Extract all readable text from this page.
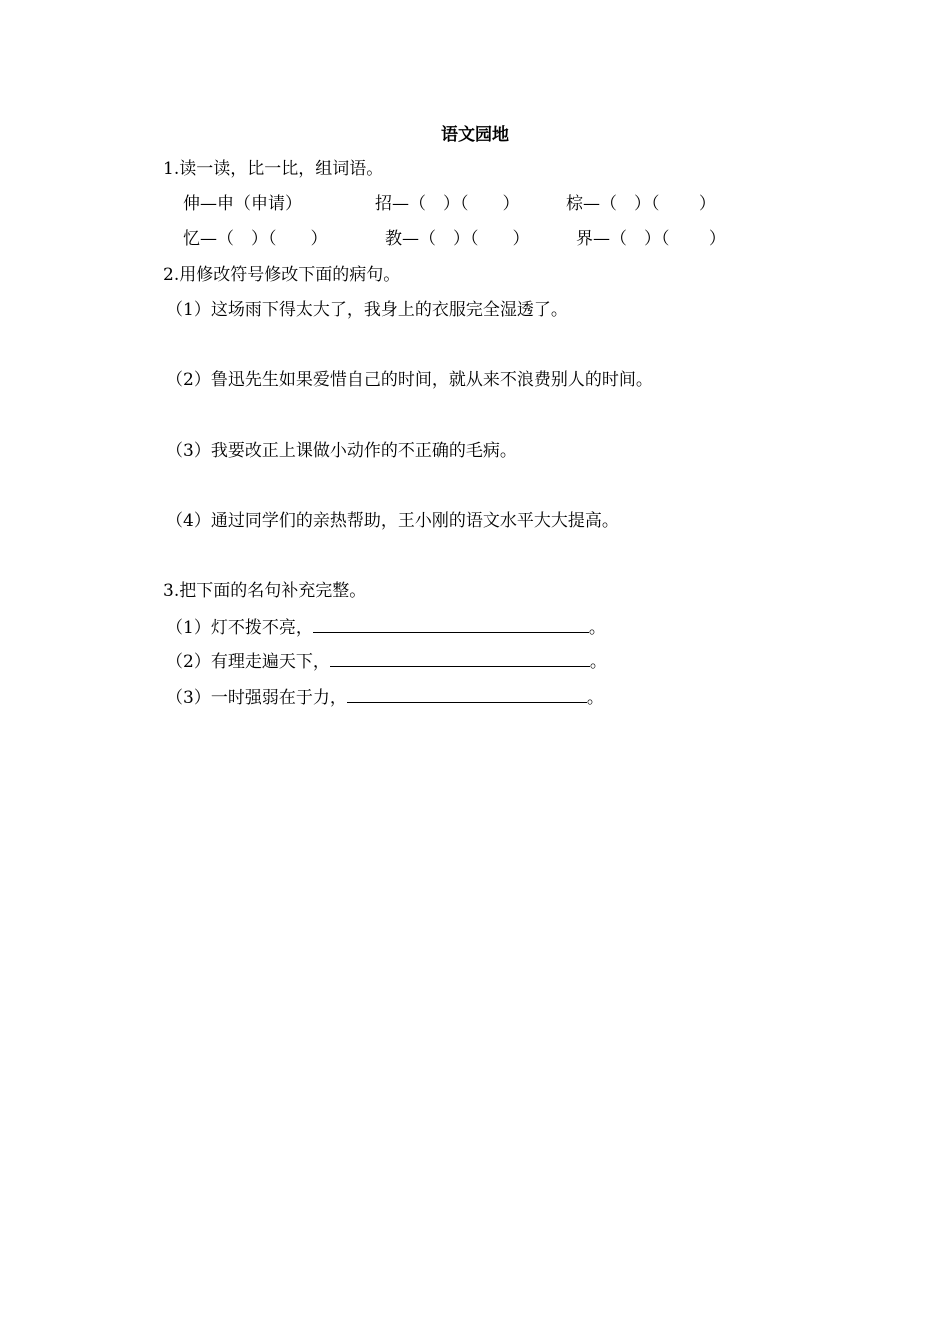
语文园地
1.读一读，比一比，组词语。
伸—申（申请）	招—（　）（　　）	棕—（　）（　　 ）
忆—（　）（　　）	教—（　）（　　）	界—（　）（　　 ）
2.用修改符号修改下面的病句。
（1）这场雨下得太大了，我身上的衣服完全湿透了。
（2）鲁迅先生如果爱惜自己的时间，就从来不浪费别人的时间。
（3）我要改正上课做小动作的不正确的毛病。
（4）通过同学们的亲热帮助，王小刚的语文水平大大提高。
3.把下面的名句补充完整。
（1）灯不拨不亮，	。
（2）有理走遍天下，	。
（3）一时强弱在于力，	。
